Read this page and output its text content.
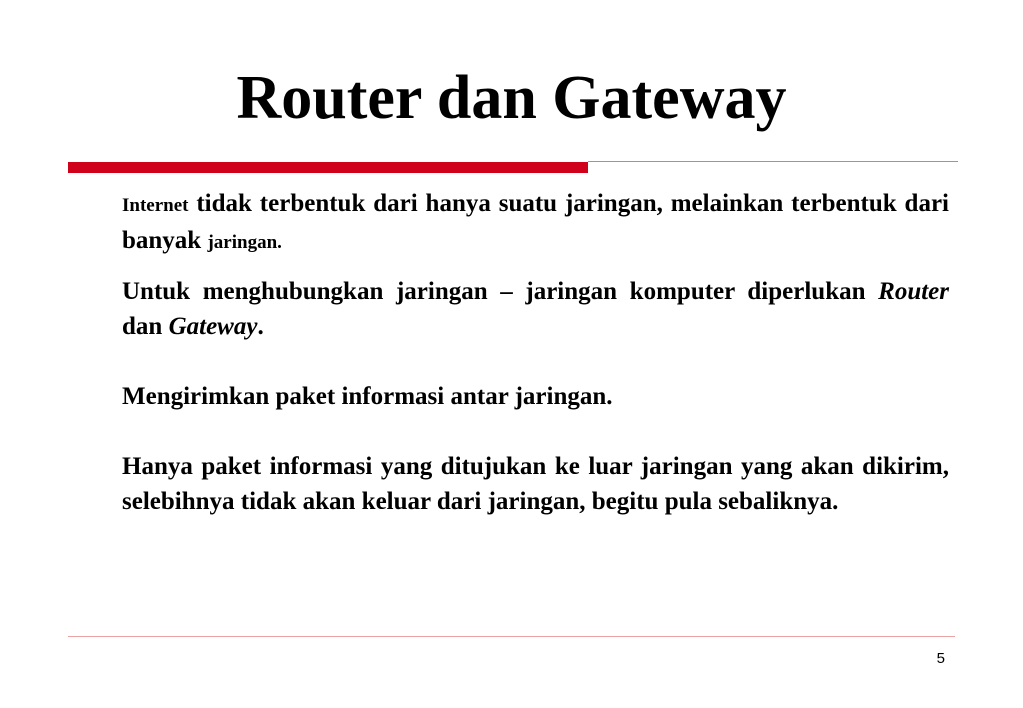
Router dan Gateway

Internet tidak terbentuk dari hanya suatu jaringan, melainkan terbentuk dari banyak jaringan.

Untuk menghubungkan jaringan – jaringan komputer diperlukan Router dan Gateway.

Mengirimkan paket informasi antar jaringan.

Hanya paket informasi yang ditujukan ke luar jaringan yang akan dikirim, selebihnya tidak akan keluar dari jaringan, begitu pula sebaliknya.

5
